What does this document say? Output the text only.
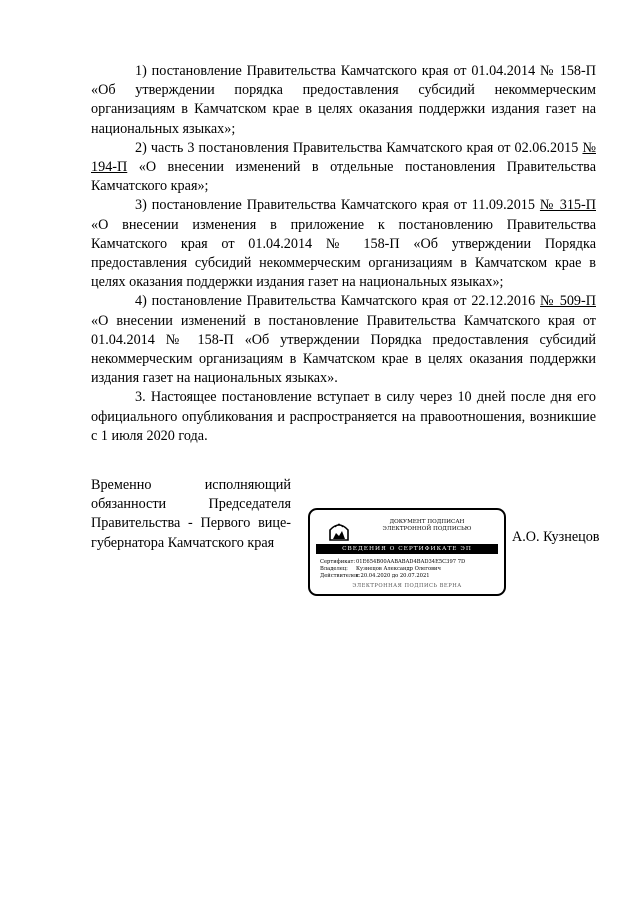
1) постановление Правительства Камчатского края от 01.04.2014 № 158-П «Об утверждении порядка предоставления субсидий некоммерческим организациям в Камчатском крае в целях оказания поддержки издания газет на национальных языках»;

2) часть 3 постановления Правительства Камчатского края от 02.06.2015 № 194-П «О внесении изменений в отдельные постановления Правительства Камчатского края»;

3) постановление Правительства Камчатского края от 11.09.2015 № 315-П «О внесении изменения в приложение к постановлению Правительства Камчатского края от 01.04.2014 № 158-П «Об утверждении Порядка предоставления субсидий некоммерческим организациям в Камчатском крае в целях оказания поддержки издания газет на национальных языках»;

4) постановление Правительства Камчатского края от 22.12.2016 № 509-П «О внесении изменений в постановление Правительства Камчатского края от 01.04.2014 № 158-П «Об утверждении Порядка предоставления субсидий некоммерческим организациям в Камчатском крае в целях оказания поддержки издания газет на национальных языках».

3. Настоящее постановление вступает в силу через 10 дней после дня его официального опубликования и распространяется на правоотношения, возникшие с 1 июля 2020 года.

Временно исполняющий
обязанности Председателя
Правительства - Первого вице-
губернатора Камчатского края
ДОКУМЕНТ ПОДПИСАН
ЭЛЕКТРОННОЙ ПОДПИСЬЮ
СВЕДЕНИЯ О СЕРТИФИКАТЕ ЭП
Сертификат:01E654B00AABABAD4BAD34E5C397 7D
Владелец: Кузнецов Александр Олегович
Действителен:с 20.04.2020 до 20.07.2021
ЭЛЕКТРОННАЯ ПОДПИСЬ ВЕРНА
А.О. Кузнецов
